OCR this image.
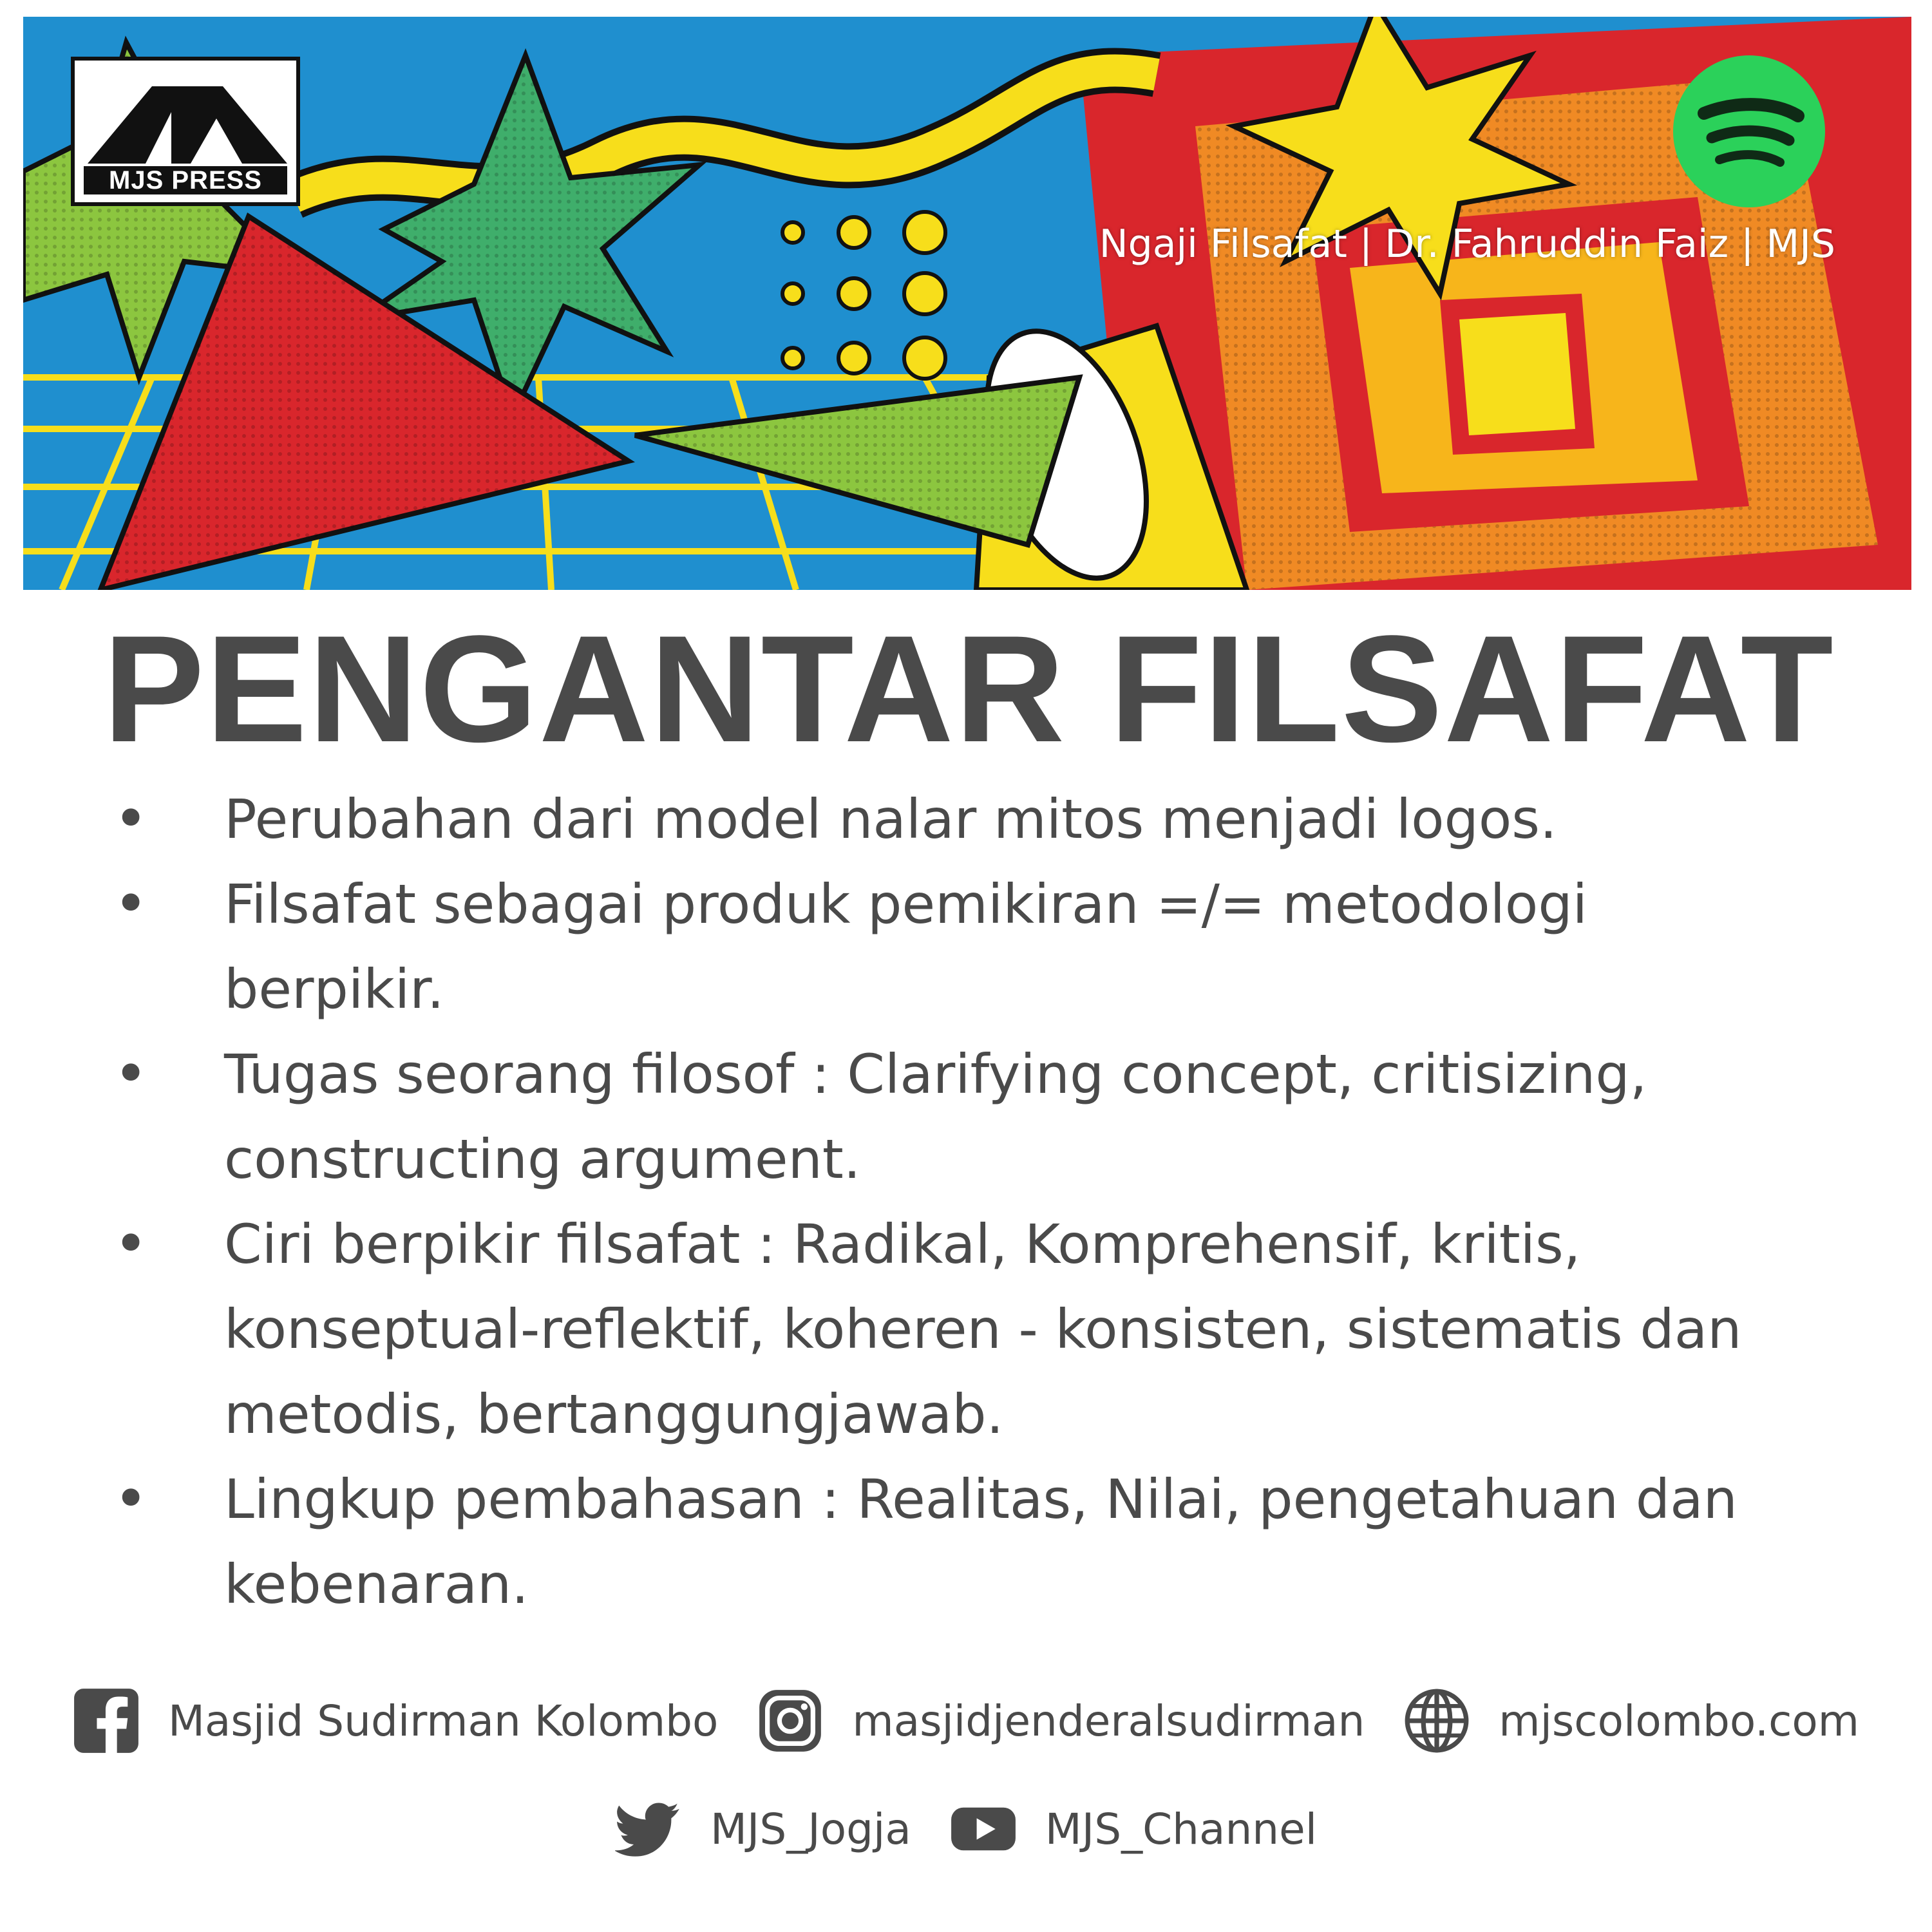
MJS PRESS
Ngaji Filsafat | Dr. Fahruddin Faiz | MJS
PENGANTAR FILSAFAT
• Perubahan dari model nalar mitos menjadi logos.
• Filsafat sebagai produk pemikiran =/= metodologi berpikir.
• Tugas seorang filosof : Clarifying concept, critisizing, constructing argument.
• Ciri berpikir filsafat : Radikal, Komprehensif, kritis, konseptual-reflektif, koheren - konsisten, sistematis dan metodis, bertanggungjawab.
• Lingkup pembahasan : Realitas, Nilai, pengetahuan dan kebenaran.
Masjid Sudirman Kolombo	masjidjenderalsudirman	mjscolombo.com
MJS_Jogja	MJS_Channel
